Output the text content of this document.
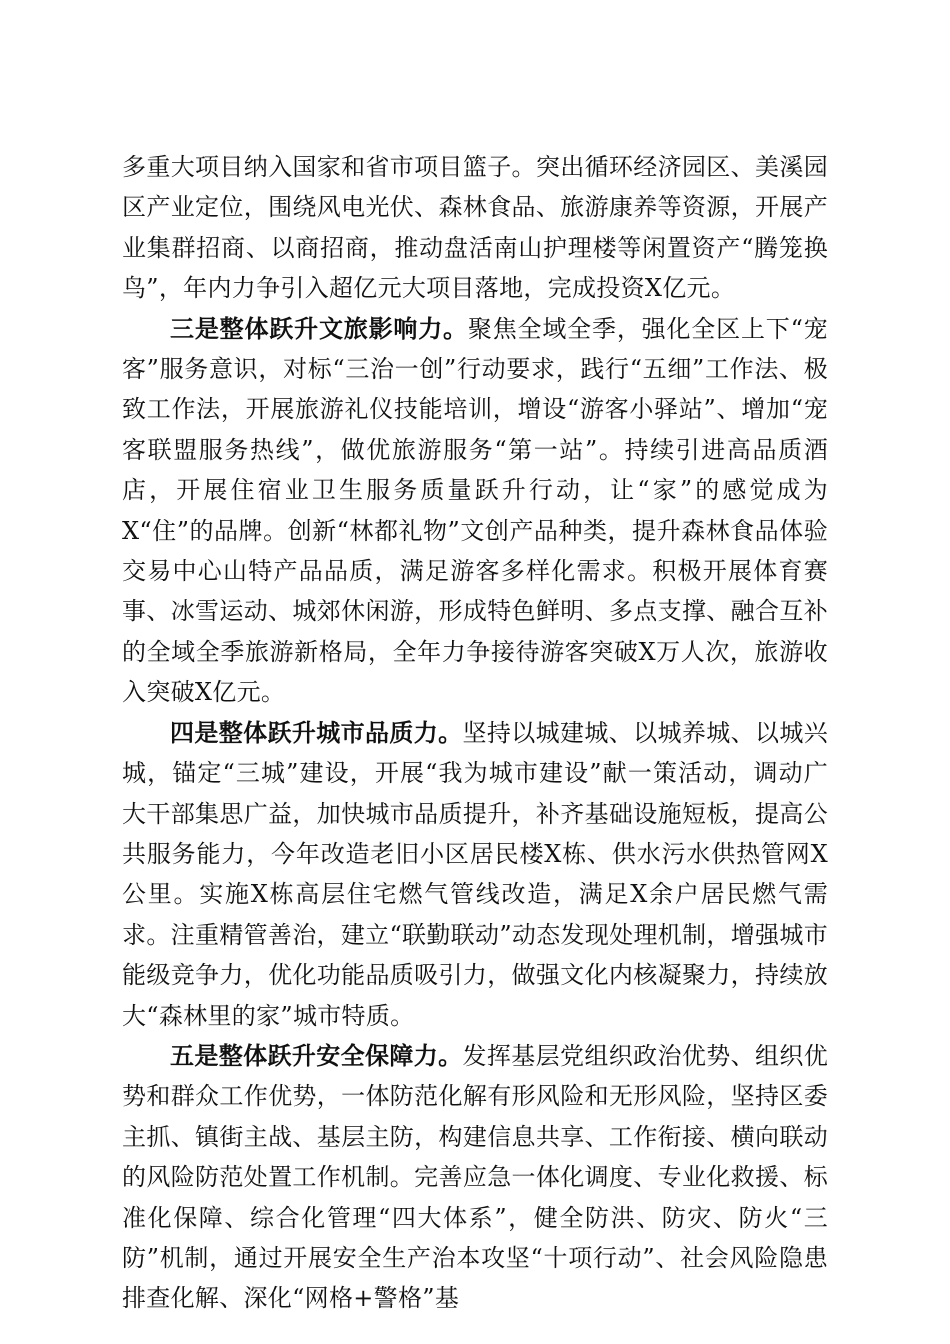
多重大项目纳入国家和省市项目篮子。突出循环经济园区、美溪园区产业定位，围绕风电光伏、森林食品、旅游康养等资源，开展产业集群招商、以商招商，推动盘活南山护理楼等闲置资产“腾笼换鸟”，年内力争引入超亿元大项目落地，完成投资X亿元。

三是整体跃升文旅影响力。聚焦全域全季，强化全区上下“宠客”服务意识，对标“三治一创”行动要求，践行“五细”工作法、极致工作法，开展旅游礼仪技能培训，增设“游客小驿站”、增加“宠客联盟服务热线”，做优旅游服务“第一站”。持续引进高品质酒店，开展住宿业卫生服务质量跃升行动，让“家”的感觉成为X“住”的品牌。创新“林都礼物”文创产品种类，提升森林食品体验交易中心山特产品品质，满足游客多样化需求。积极开展体育赛事、冰雪运动、城郊休闲游，形成特色鲜明、多点支撑、融合互补的全域全季旅游新格局，全年力争接待游客突破X万人次，旅游收入突破X亿元。

四是整体跃升城市品质力。坚持以城建城、以城养城、以城兴城，锚定“三城”建设，开展“我为城市建设”献一策活动，调动广大干部集思广益，加快城市品质提升，补齐基础设施短板，提高公共服务能力，今年改造老旧小区居民楼X栋、供水污水供热管网X公里。实施X栋高层住宅燃气管线改造，满足X余户居民燃气需求。注重精管善治，建立“联勤联动”动态发现处理机制，增强城市能级竞争力，优化功能品质吸引力，做强文化内核凝聚力，持续放大“森林里的家”城市特质。

五是整体跃升安全保障力。发挥基层党组织政治优势、组织优势和群众工作优势，一体防范化解有形风险和无形风险，坚持区委主抓、镇街主战、基层主防，构建信息共享、工作衔接、横向联动的风险防范处置工作机制。完善应急一体化调度、专业化救援、标准化保障、综合化管理“四大体系”，健全防洪、防灾、防火“三防”机制，通过开展安全生产治本攻坚“十项行动”、社会风险隐患排查化解、深化“网格+警格”基
